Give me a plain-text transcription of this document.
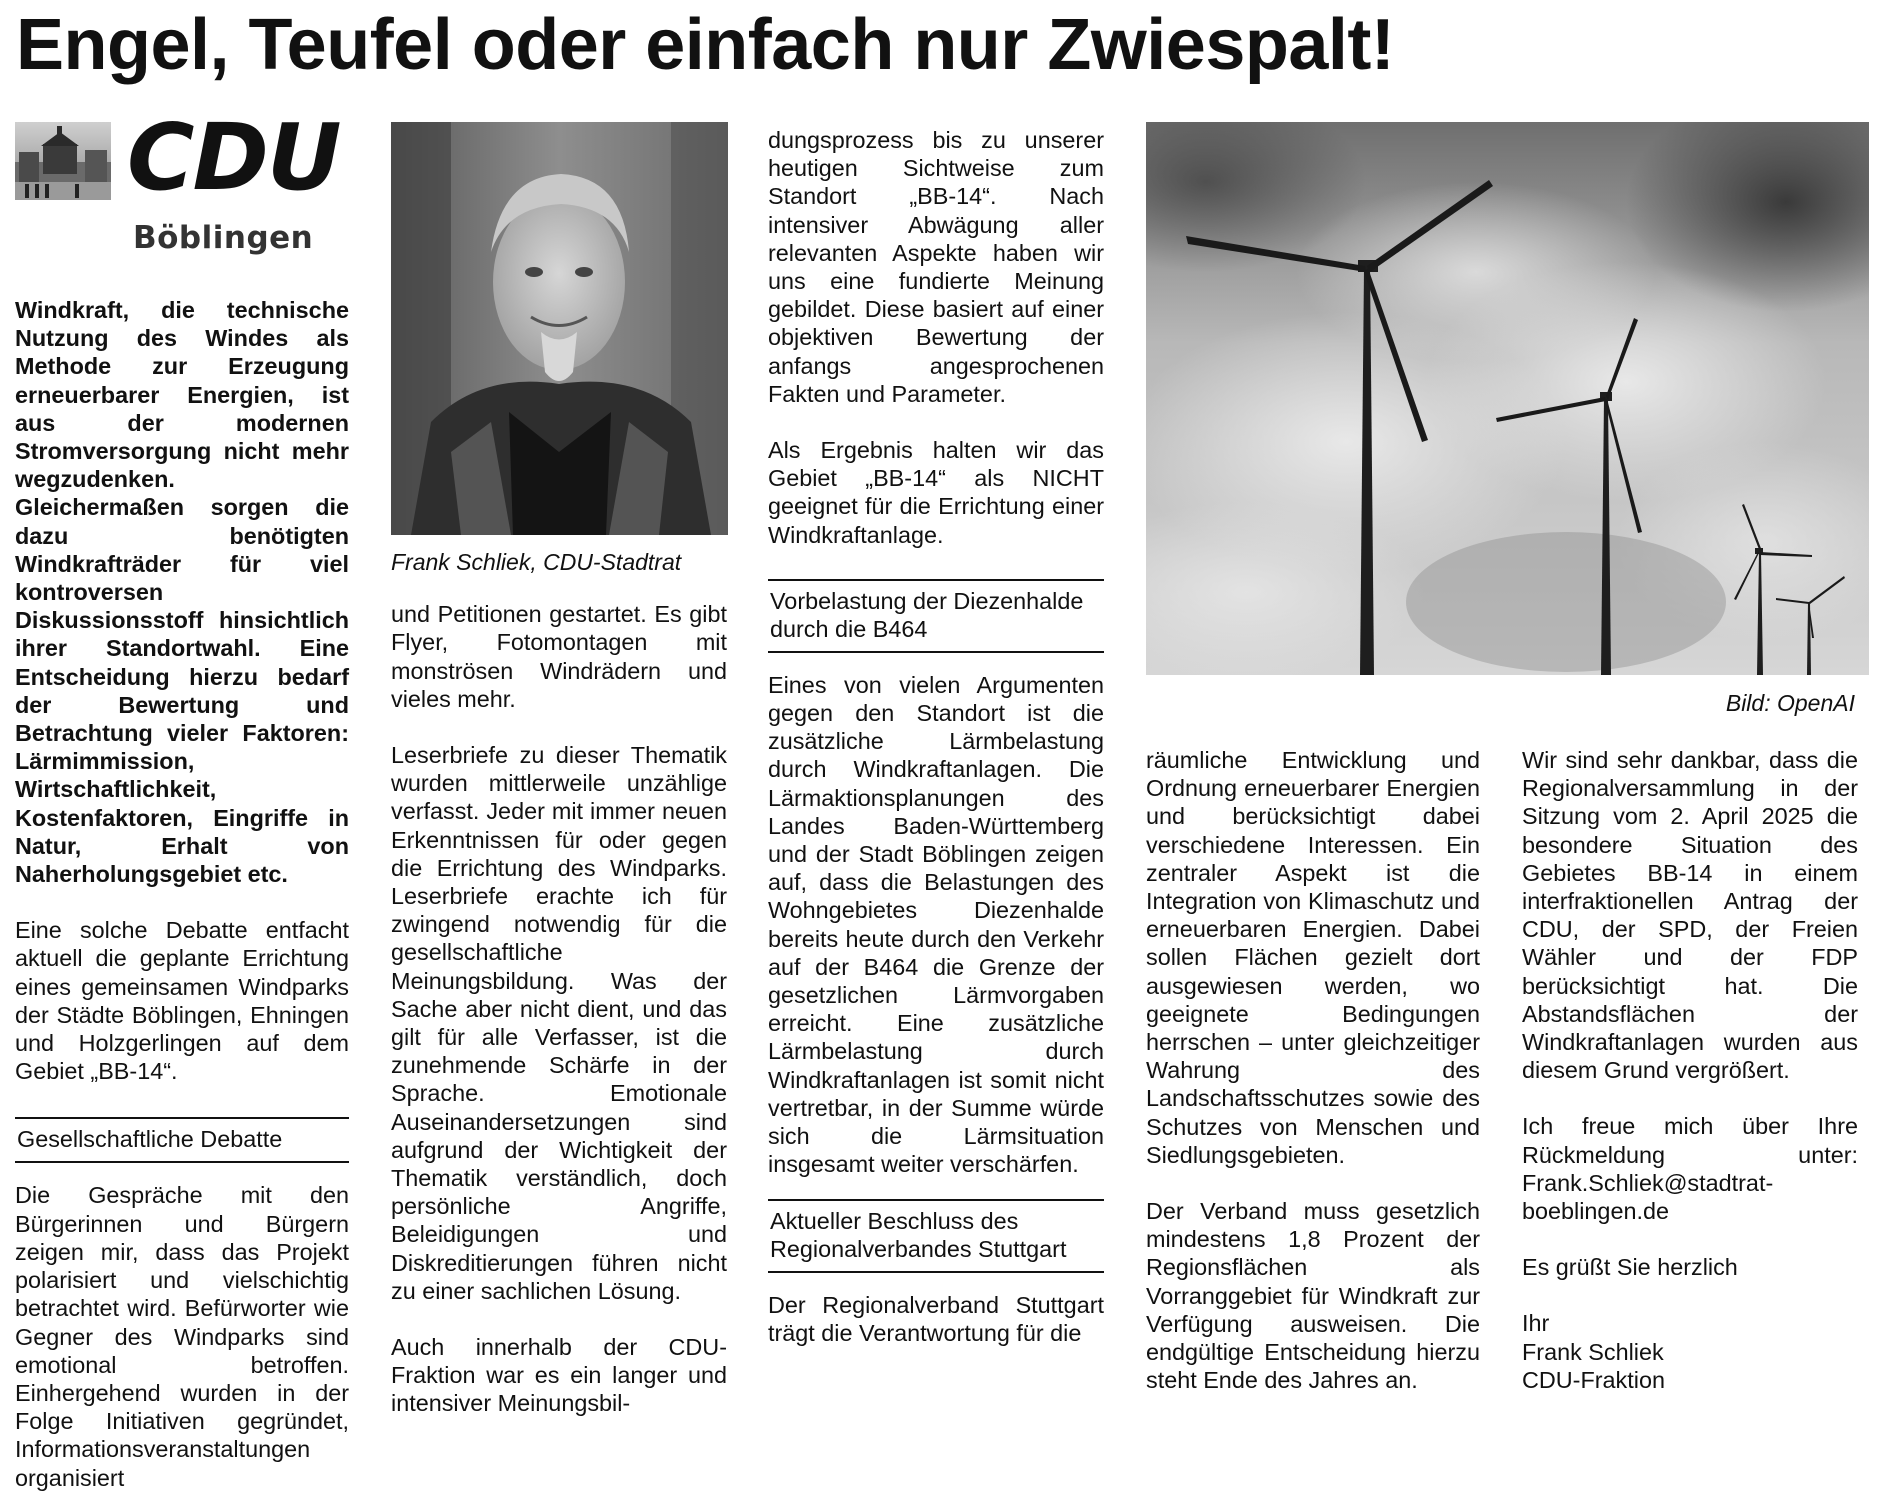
Engel, Teufel oder einfach nur Zwiespalt!
CDU
Böblingen

Windkraft, die technische Nutzung des Windes als Methode zur Erzeugung erneuerbarer Energien, ist aus der modernen Stromversorgung nicht mehr wegzudenken. Gleichermaßen sorgen die dazu benötigten Windkrafträder für viel kontroversen Diskussionsstoff hinsichtlich ihrer Standortwahl. Eine Entscheidung hierzu bedarf der Bewertung und Betrachtung vieler Faktoren: Lärmimmission, Wirtschaftlichkeit, Kostenfaktoren, Eingriffe in Natur, Erhalt von Naherholungsgebiet etc.

Eine solche Debatte entfacht aktuell die geplante Errichtung eines gemeinsamen Windparks der Städte Böblingen, Ehningen und Holzgerlingen auf dem Gebiet „BB-14“.

Gesellschaftliche Debatte

Die Gespräche mit den Bürgerinnen und Bürgern zeigen mir, dass das Projekt polarisiert und vielschichtig betrachtet wird. Befürworter wie Gegner des Windparks sind emotional betroffen. Einhergehend wurden in der Folge Initiativen gegründet, Informationsveranstaltungen organisiert

Frank Schliek, CDU-Stadtrat

und Petitionen gestartet. Es gibt Flyer, Fotomontagen mit monströsen Windrädern und vieles mehr.

Leserbriefe zu dieser Thematik wurden mittlerweile unzählige verfasst. Jeder mit immer neuen Erkenntnissen für oder gegen die Errichtung des Windparks. Leserbriefe erachte ich für zwingend notwendig für die gesellschaftliche Meinungsbildung. Was der Sache aber nicht dient, und das gilt für alle Verfasser, ist die zunehmende Schärfe in der Sprache. Emotionale Auseinandersetzungen sind aufgrund der Wichtigkeit der Thematik verständlich, doch persönliche Angriffe, Beleidigungen und Diskreditierungen führen nicht zu einer sachlichen Lösung.

Auch innerhalb der CDU-Fraktion war es ein langer und intensiver Meinungsbil-

dungsprozess bis zu unserer heutigen Sichtweise zum Standort „BB-14“. Nach intensiver Abwägung aller relevanten Aspekte haben wir uns eine fundierte Meinung gebildet. Diese basiert auf einer objektiven Bewertung der anfangs angesprochenen Fakten und Parameter.

Als Ergebnis halten wir das Gebiet „BB-14“ als NICHT geeignet für die Errichtung einer Windkraftanlage.

Vorbelastung der Diezenhalde durch die B464

Eines von vielen Argumenten gegen den Standort ist die zusätzliche Lärmbelastung durch Windkraftanlagen. Die Lärmaktionsplanungen des Landes Baden-Württemberg und der Stadt Böblingen zeigen auf, dass die Belastungen des Wohngebietes Diezenhalde bereits heute durch den Verkehr auf der B464 die Grenze der gesetzlichen Lärmvorgaben erreicht. Eine zusätzliche Lärmbelastung durch Windkraftanlagen ist somit nicht vertretbar, in der Summe würde sich die Lärmsituation insgesamt weiter verschärfen.

Aktueller Beschluss des Regionalverbandes Stuttgart

Der Regionalverband Stuttgart trägt die Verantwortung für die

Bild: OpenAI

räumliche Entwicklung und Ordnung erneuerbarer Energien und berücksichtigt dabei verschiedene Interessen. Ein zentraler Aspekt ist die Integration von Klimaschutz und erneuerbaren Energien. Dabei sollen Flächen gezielt dort ausgewiesen werden, wo geeignete Bedingungen herrschen – unter gleichzeitiger Wahrung des Landschaftsschutzes sowie des Schutzes von Menschen und Siedlungsgebieten.

Der Verband muss gesetzlich mindestens 1,8 Prozent der Regionsflächen als Vorranggebiet für Windkraft zur Verfügung ausweisen. Die endgültige Entscheidung hierzu steht Ende des Jahres an.

Wir sind sehr dankbar, dass die Regionalversammlung in der Sitzung vom 2. April 2025 die besondere Situation des Gebietes BB-14 in einem interfraktionellen Antrag der CDU, der SPD, der Freien Wähler und der FDP berücksichtigt hat. Die Abstandsflächen der Windkraftanlagen wurden aus diesem Grund vergrößert.

Ich freue mich über Ihre Rückmeldung unter: Frank.Schliek@stadtrat-boeblingen.de

Es grüßt Sie herzlich

Ihr
Frank Schliek
CDU-Fraktion
